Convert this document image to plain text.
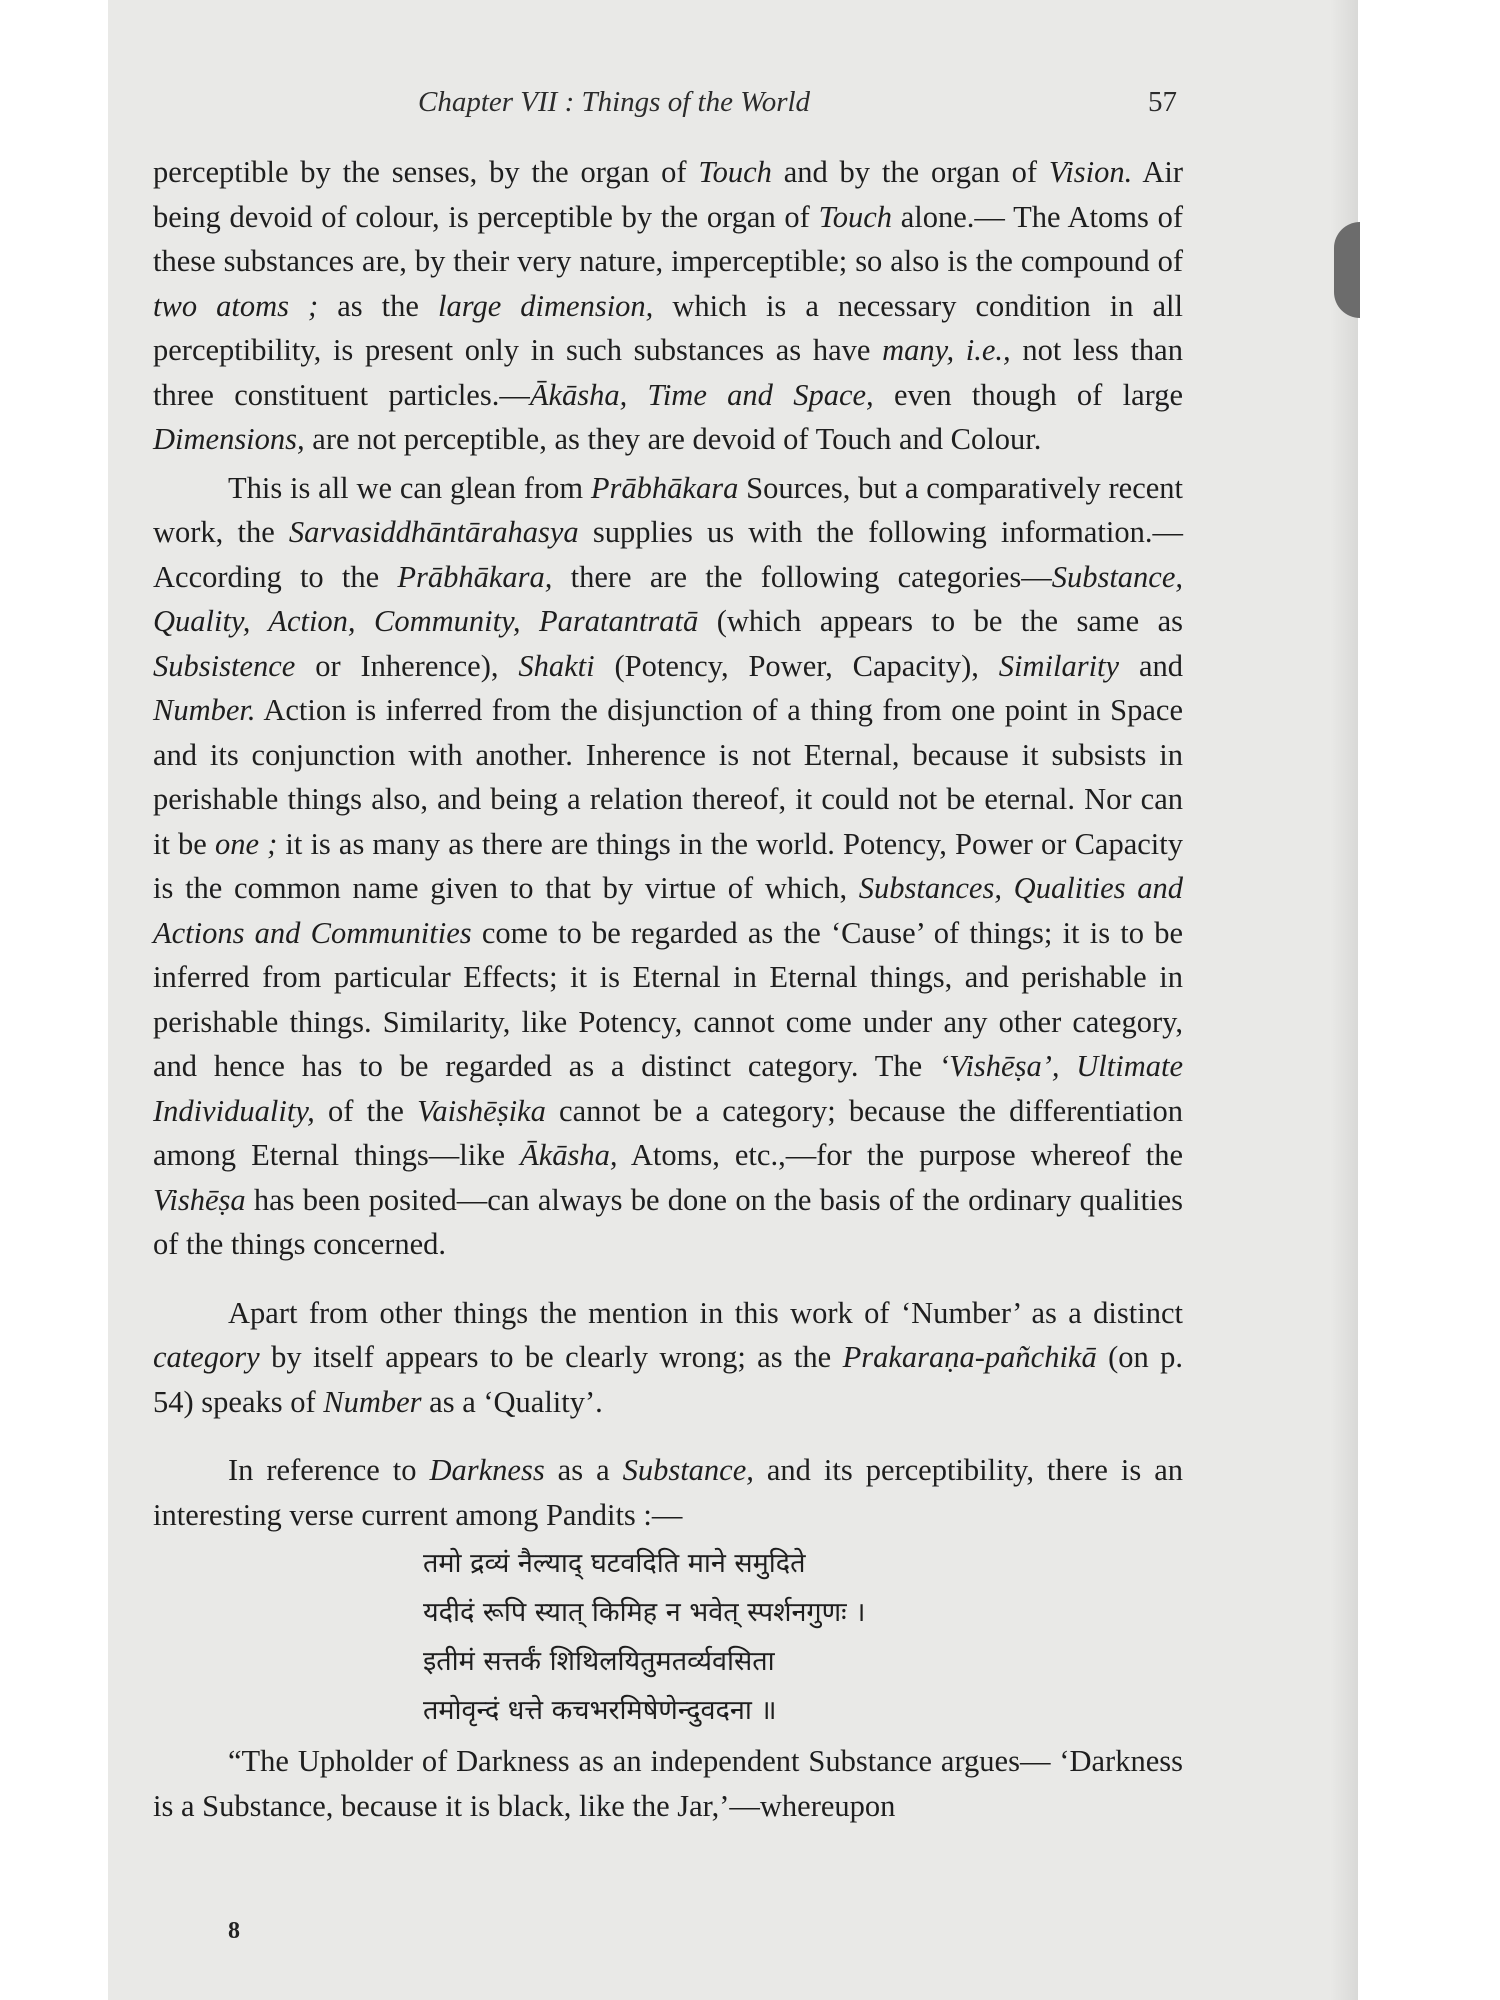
Chapter VII : Things of the World	57

perceptible by the senses, by the organ of Touch and by the organ of Vision. Air being devoid of colour, is perceptible by the organ of Touch alone.— The Atoms of these substances are, by their very nature, imperceptible; so also is the compound of two atoms ; as the large dimension, which is a necessary condition in all perceptibility, is present only in such substances as have many, i.e., not less than three constituent particles.—Ākāsha, Time and Space, even though of large Dimensions, are not perceptible, as they are devoid of Touch and Colour.

This is all we can glean from Prābhākara Sources, but a comparatively recent work, the Sarvasiddhāntārahasya supplies us with the following information.—According to the Prābhākara, there are the following categories—Substance, Quality, Action, Community, Paratantratā (which appears to be the same as Subsistence or Inherence), Shakti (Potency, Power, Capacity), Similarity and Number. Action is inferred from the disjunction of a thing from one point in Space and its conjunction with another. Inherence is not Eternal, because it subsists in perishable things also, and being a relation thereof, it could not be eternal. Nor can it be one ; it is as many as there are things in the world. Potency, Power or Capacity is the common name given to that by virtue of which, Substances, Qualities and Actions and Communities come to be regarded as the ‘Cause’ of things; it is to be inferred from particular Effects; it is Eternal in Eternal things, and perishable in perishable things. Similarity, like Potency, cannot come under any other category, and hence has to be regarded as a distinct category. The ‘Vishēṣa’, Ultimate Individuality, of the Vaishēṣika cannot be a category; because the differentiation among Eternal things—like Ākāsha, Atoms, etc.,—for the purpose whereof the Vishēṣa has been posited—can always be done on the basis of the ordinary qualities of the things concerned.

Apart from other things the mention in this work of ‘Number’ as a distinct category by itself appears to be clearly wrong; as the Prakaraṇa-pañchikā (on p. 54) speaks of Number as a ‘Quality’.

In reference to Darkness as a Substance, and its perceptibility, there is an interesting verse current among Pandits :—

तमो द्रव्यं नैल्याद् घटवदिति माने समुदिते
यदीदं रूपि स्यात् किमिह न भवेत् स्पर्शनगुणः ।
इतीमं सत्तर्कं शिथिलयितुमतर्व्यवसिता
तमोवृन्दं धत्ते कचभरमिषेणेन्दुवदना ॥

“The Upholder of Darkness as an independent Substance argues— ‘Darkness is a Substance, because it is black, like the Jar,’—whereupon

8
